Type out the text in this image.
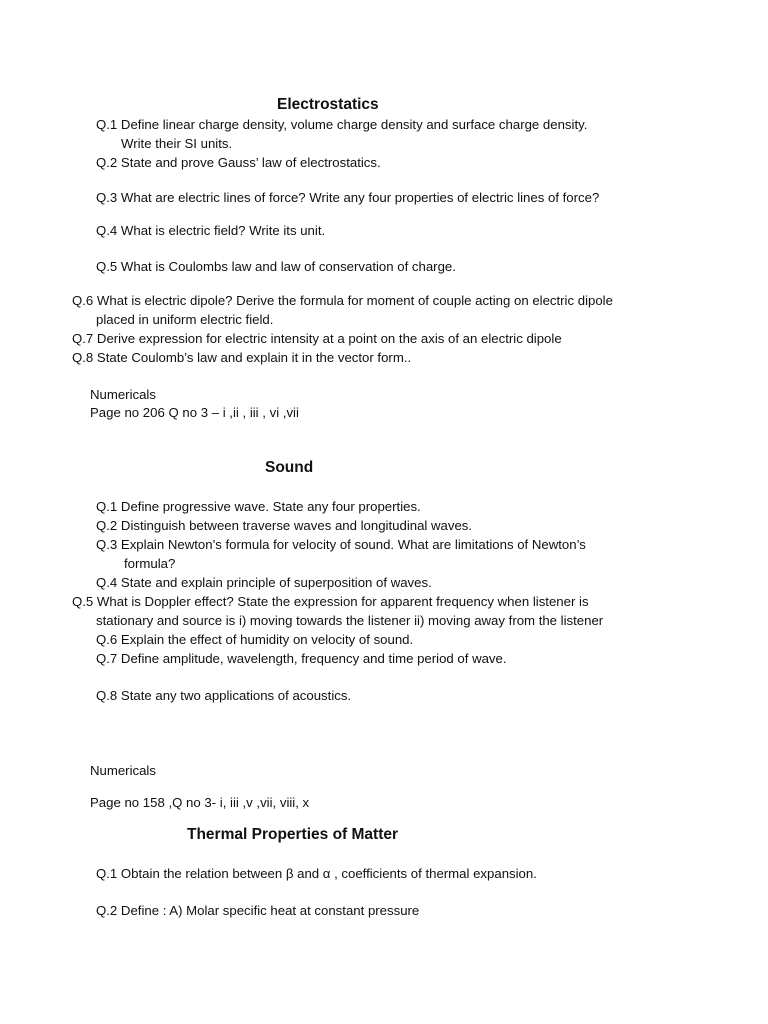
Electrostatics
Q.1 Define linear charge density, volume charge density and surface charge density.
Write their SI units.
Q.2 State and prove Gauss’ law of electrostatics.
Q.3 What are electric lines of force? Write any four properties of electric lines of force?
Q.4 What is electric field? Write its unit.
Q.5 What is Coulombs law and law of conservation of charge.
Q.6 What is electric dipole? Derive the formula for moment of couple acting on electric dipole
placed in uniform electric field.
Q.7 Derive expression for electric intensity at a point on the axis of an electric dipole
Q.8 State Coulomb’s law and explain it in the vector form..
Numericals
Page no 206 Q no 3 – i ,ii , iii , vi ,vii
Sound
Q.1 Define progressive wave. State any four properties.
Q.2 Distinguish between traverse waves and longitudinal waves.
Q.3 Explain Newton’s formula for velocity of sound. What are limitations of Newton’s
formula?
Q.4 State and explain principle of superposition of waves.
Q.5 What is Doppler effect? State the expression for apparent frequency when listener is
stationary and source is i) moving towards the listener ii) moving away from the listener
Q.6 Explain the effect of humidity on velocity of sound.
Q.7 Define amplitude, wavelength, frequency and time period of wave.
Q.8 State any two applications of acoustics.
Numericals
Page no 158 ,Q no 3- i, iii ,v ,vii, viii, x
Thermal Properties of Matter
Q.1 Obtain the relation between β and α , coefficients of thermal expansion.
Q.2 Define : A) Molar specific heat at constant pressure
